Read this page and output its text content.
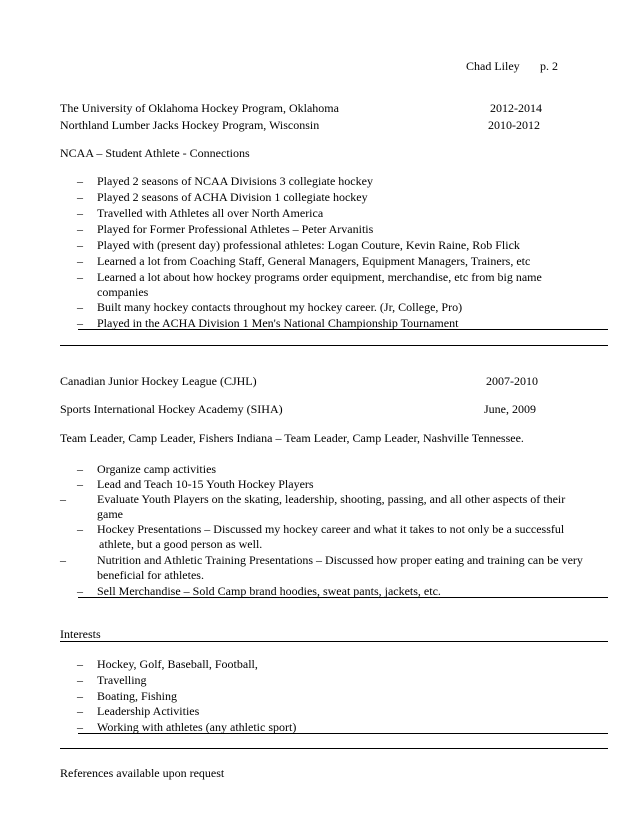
Chad Liley p. 2
The University of Oklahoma Hockey Program, Oklahoma	2012-2014
Northland Lumber Jacks Hockey Program, Wisconsin	2010-2012
NCAA – Student Athlete - Connections
– Played 2 seasons of NCAA Divisions 3 collegiate hockey
– Played 2 seasons of ACHA Division 1 collegiate hockey
– Travelled with Athletes all over North America
– Played for Former Professional Athletes – Peter Arvanitis
– Played with (present day) professional athletes: Logan Couture, Kevin Raine, Rob Flick
– Learned a lot from Coaching Staff, General Managers, Equipment Managers, Trainers, etc
– Learned a lot about how hockey programs order equipment, merchandise, etc from big name
companies
– Built many hockey contacts throughout my hockey career. (Jr, College, Pro)
– Played in the ACHA Division 1 Men's National Championship Tournament
Canadian Junior Hockey League (CJHL)	2007-2010
Sports International Hockey Academy (SIHA)	June, 2009
Team Leader, Camp Leader, Fishers Indiana – Team Leader, Camp Leader, Nashville Tennessee.
– Organize camp activities
– Lead and Teach 10-15 Youth Hockey Players
–	Evaluate Youth Players on the skating, leadership, shooting, passing, and all other aspects of their
game
– Hockey Presentations – Discussed my hockey career and what it takes to not only be a successful
athlete, but a good person as well.
–	Nutrition and Athletic Training Presentations – Discussed how proper eating and training can be very
beneficial for athletes.
– Sell Merchandise – Sold Camp brand hoodies, sweat pants, jackets, etc.
Interests
– Hockey, Golf, Baseball, Football,
– Travelling
– Boating, Fishing
– Leadership Activities
– Working with athletes (any athletic sport)
References available upon request
